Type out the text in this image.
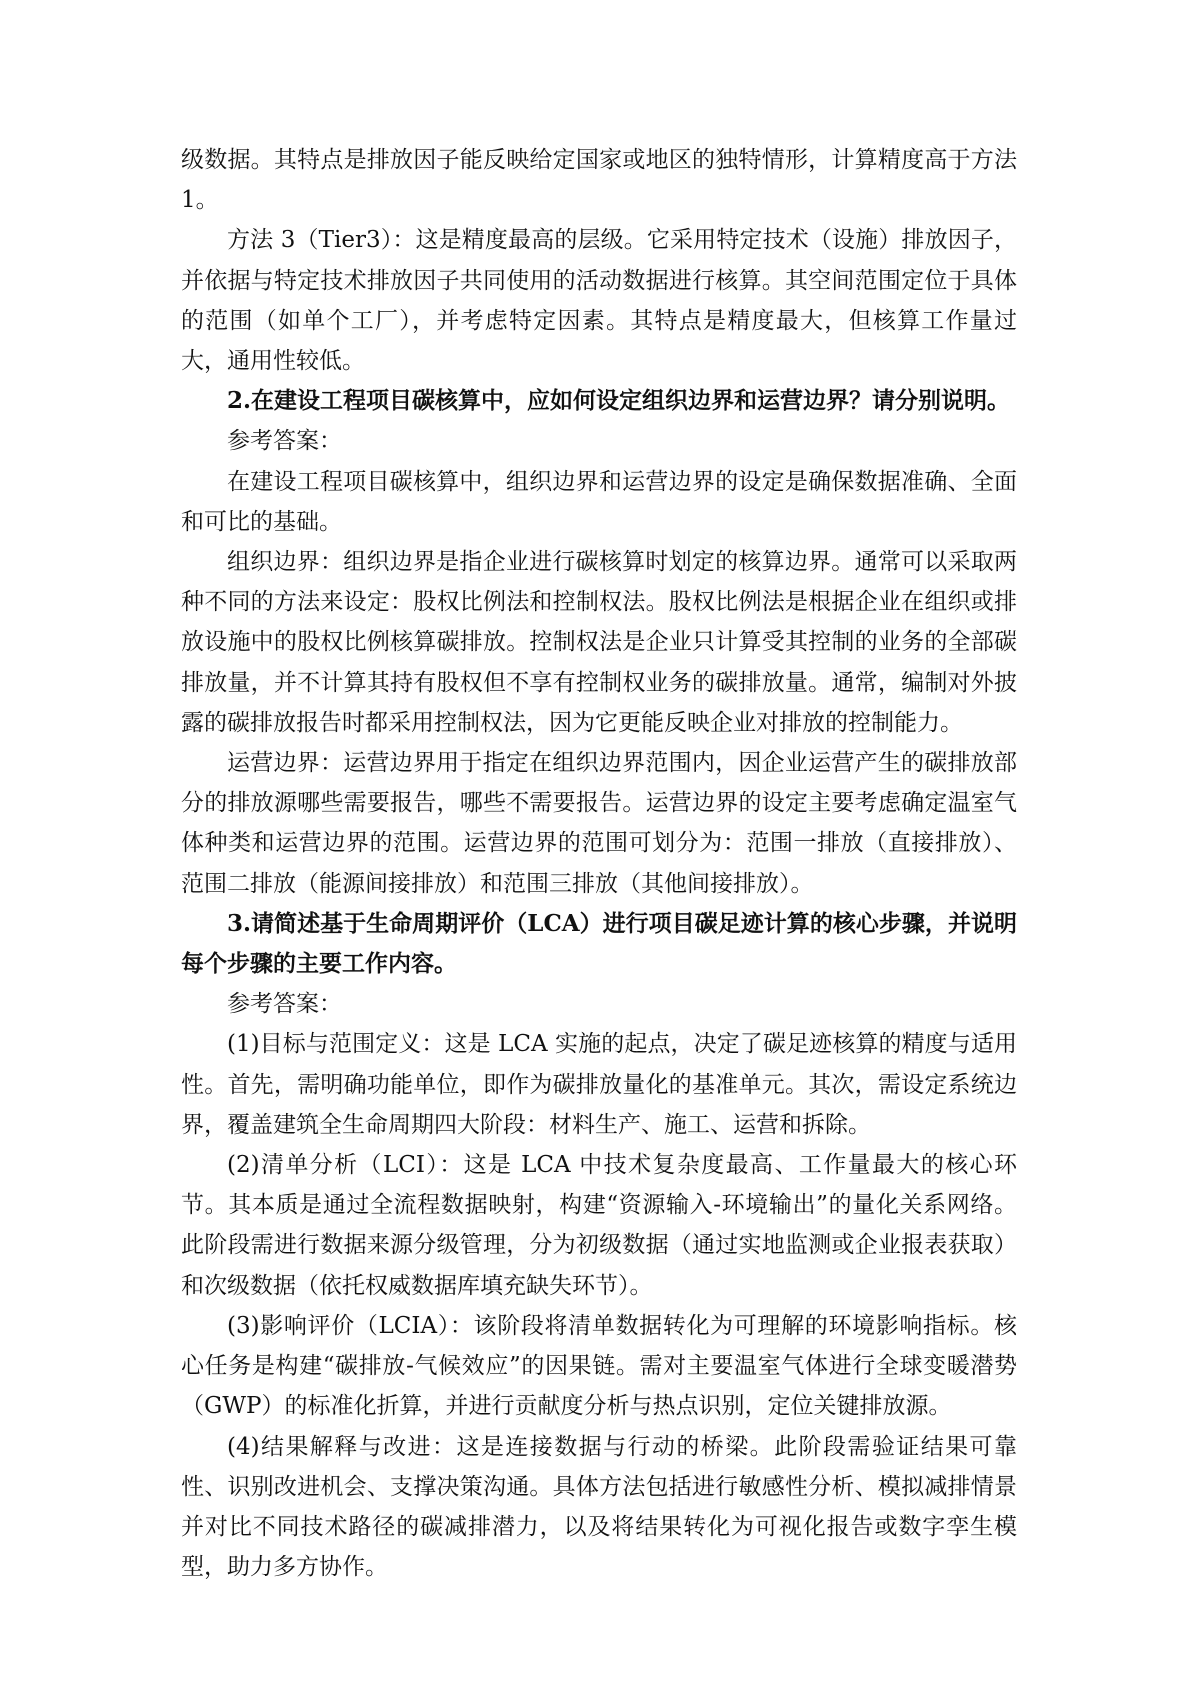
级数据。其特点是排放因子能反映给定国家或地区的独特情形，计算精度高于方法 1。

方法 3（Tier3）：这是精度最高的层级。它采用特定技术（设施）排放因子，并依据与特定技术排放因子共同使用的活动数据进行核算。其空间范围定位于具体的范围（如单个工厂），并考虑特定因素。其特点是精度最大，但核算工作量过大，通用性较低。

2.在建设工程项目碳核算中，应如何设定组织边界和运营边界？请分别说明。

参考答案：

在建设工程项目碳核算中，组织边界和运营边界的设定是确保数据准确、全面和可比的基础。

组织边界：组织边界是指企业进行碳核算时划定的核算边界。通常可以采取两种不同的方法来设定：股权比例法和控制权法。股权比例法是根据企业在组织或排放设施中的股权比例核算碳排放。控制权法是企业只计算受其控制的业务的全部碳排放量，并不计算其持有股权但不享有控制权业务的碳排放量。通常，编制对外披露的碳排放报告时都采用控制权法，因为它更能反映企业对排放的控制能力。

运营边界：运营边界用于指定在组织边界范围内，因企业运营产生的碳排放部分的排放源哪些需要报告，哪些不需要报告。运营边界的设定主要考虑确定温室气体种类和运营边界的范围。运营边界的范围可划分为：范围一排放（直接排放）、范围二排放（能源间接排放）和范围三排放（其他间接排放）。

3.请简述基于生命周期评价（LCA）进行项目碳足迹计算的核心步骤，并说明每个步骤的主要工作内容。

参考答案：

(1)目标与范围定义：这是 LCA 实施的起点，决定了碳足迹核算的精度与适用性。首先，需明确功能单位，即作为碳排放量化的基准单元。其次，需设定系统边界，覆盖建筑全生命周期四大阶段：材料生产、施工、运营和拆除。

(2)清单分析（LCI）：这是 LCA 中技术复杂度最高、工作量最大的核心环节。其本质是通过全流程数据映射，构建“资源输入-环境输出”的量化关系网络。此阶段需进行数据来源分级管理，分为初级数据（通过实地监测或企业报表获取）和次级数据（依托权威数据库填充缺失环节）。

(3)影响评价（LCIA）：该阶段将清单数据转化为可理解的环境影响指标。核心任务是构建“碳排放-气候效应”的因果链。需对主要温室气体进行全球变暖潜势（GWP）的标准化折算，并进行贡献度分析与热点识别，定位关键排放源。

(4)结果解释与改进：这是连接数据与行动的桥梁。此阶段需验证结果可靠性、识别改进机会、支撑决策沟通。具体方法包括进行敏感性分析、模拟减排情景并对比不同技术路径的碳减排潜力，以及将结果转化为可视化报告或数字孪生模型，助力多方协作。
